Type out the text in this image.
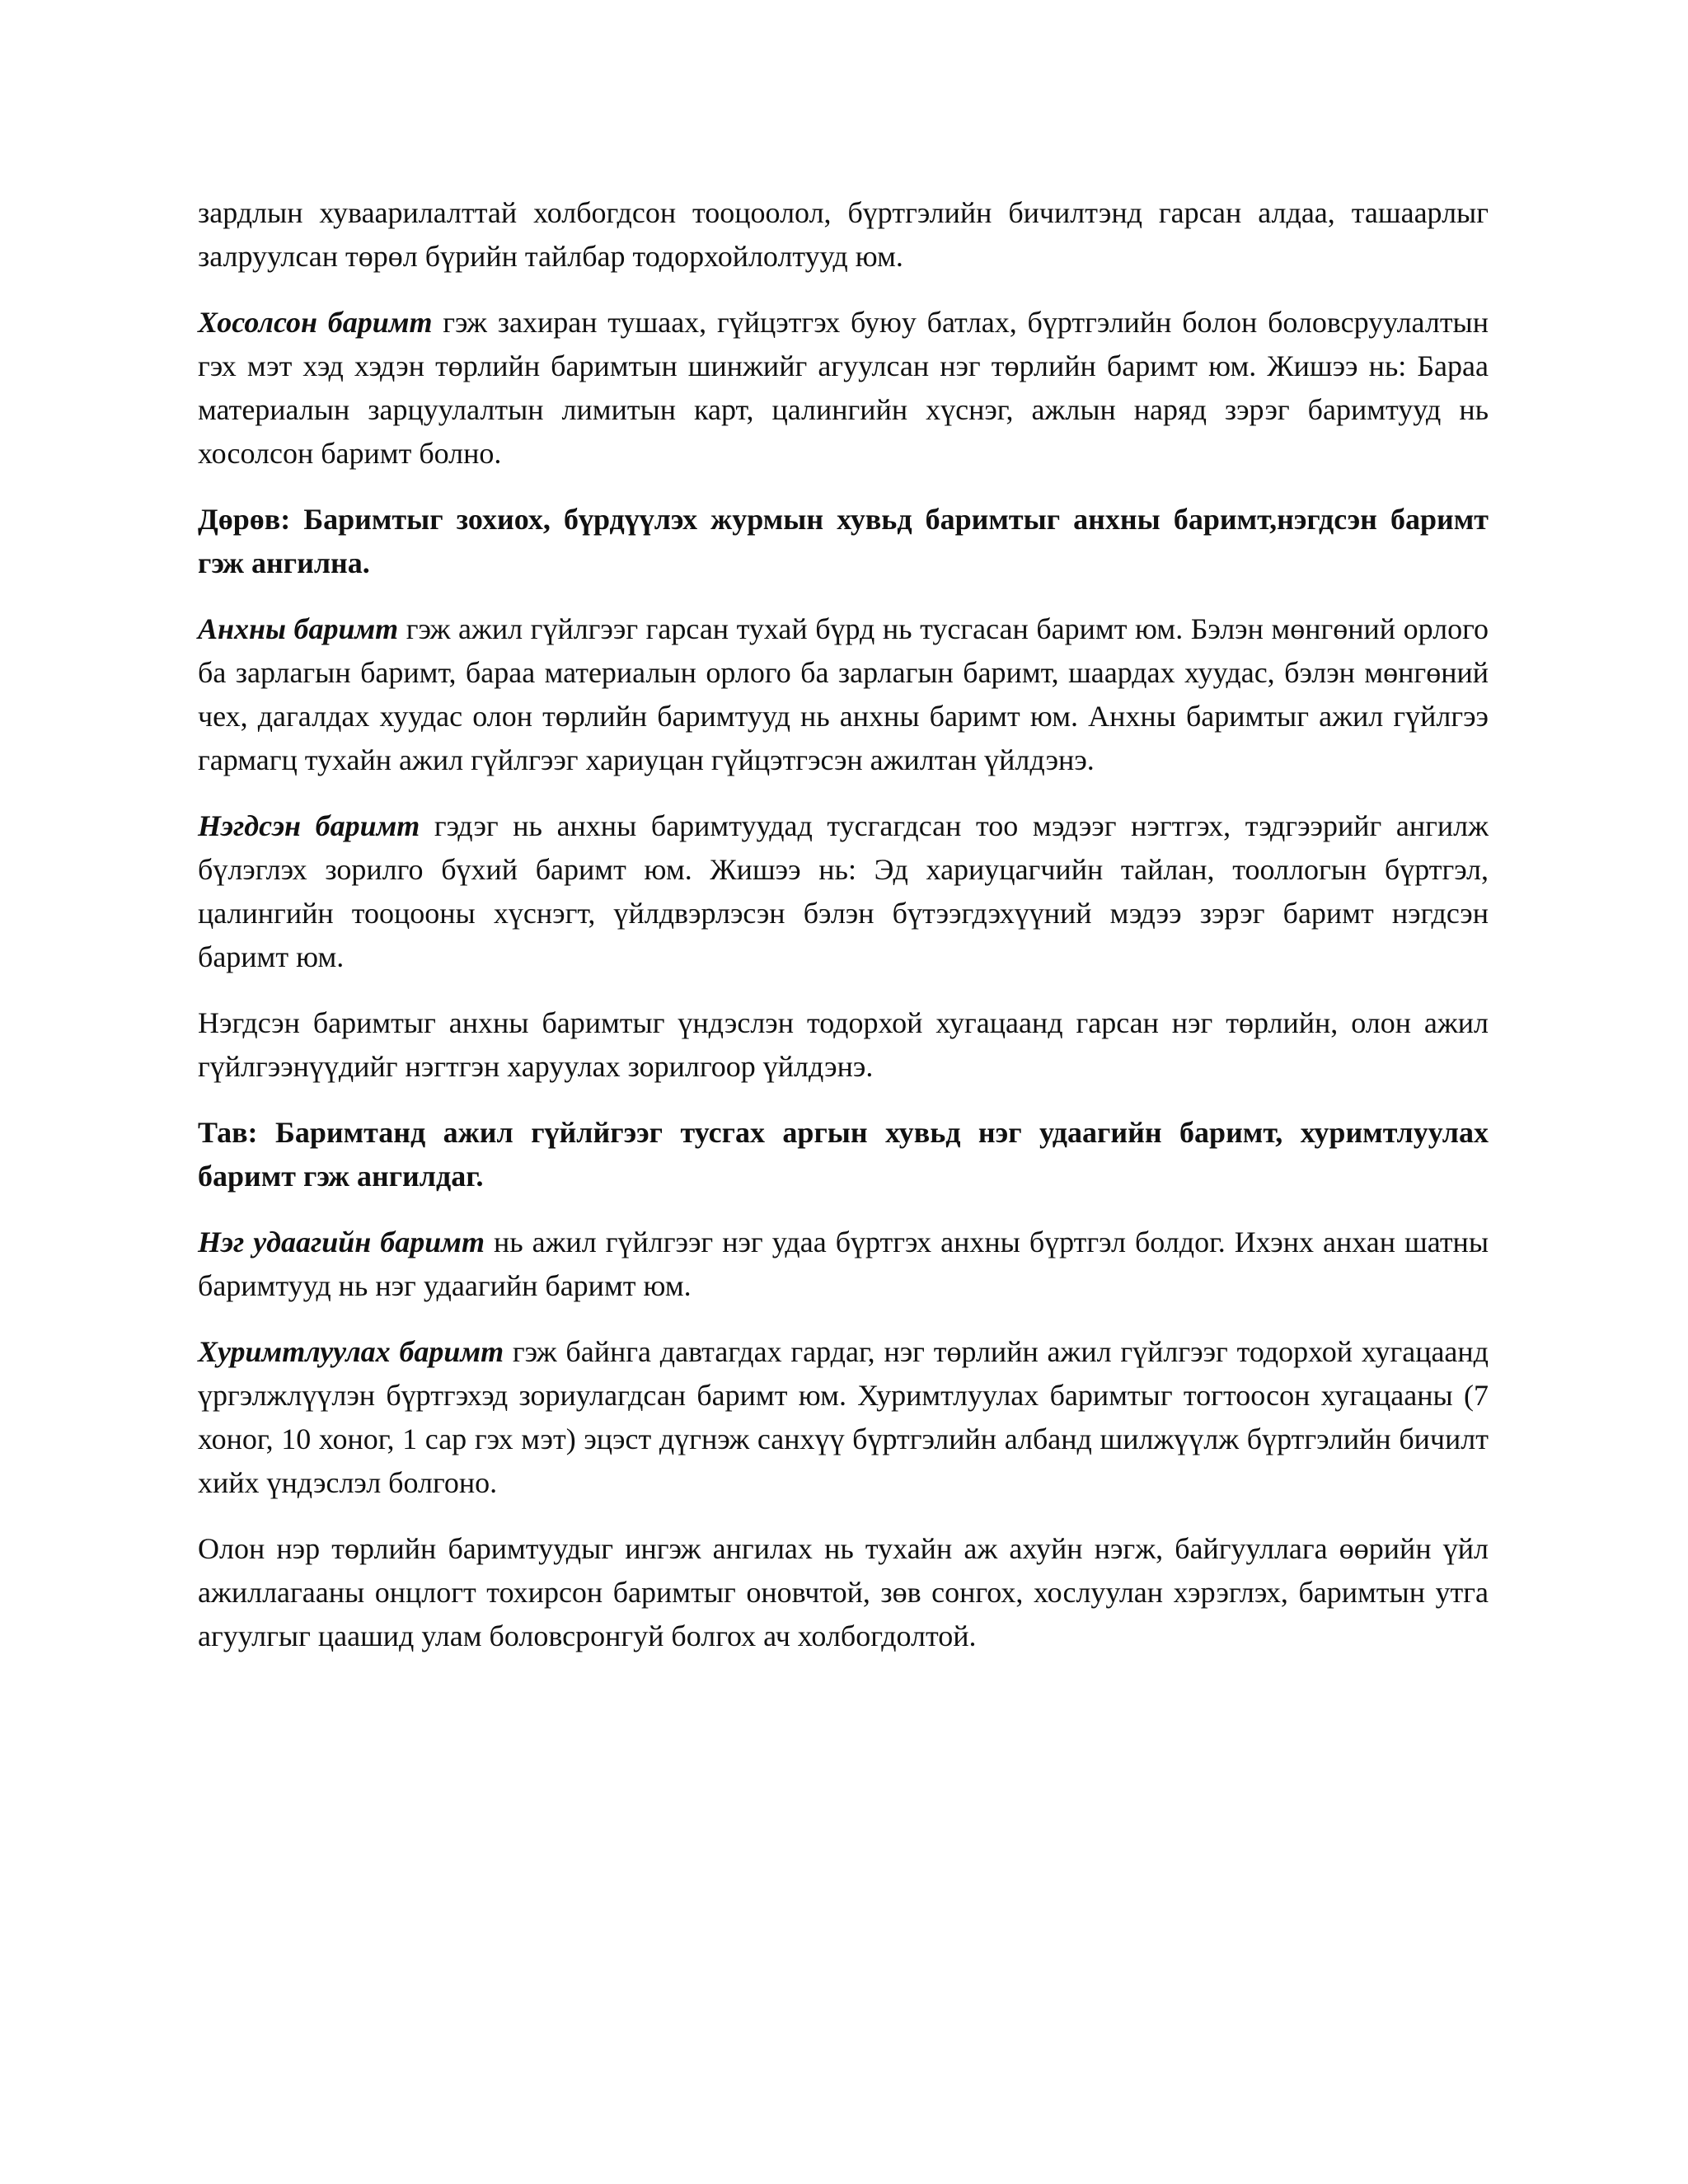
зардлын хуваарилалттай холбогдсон тооцоолол, бүртгэлийн бичилтэнд гарсан алдаа, ташаарлыг залруулсан төрөл бүрийн тайлбар тодорхойлолтууд юм.

Хосолсон баримт гэж захиран тушаах, гүйцэтгэх буюу батлах, бүртгэлийн болон боловсруулалтын гэх мэт хэд хэдэн төрлийн баримтын шинжийг агуулсан нэг төрлийн баримт юм. Жишээ нь: Бараа материалын зарцуулалтын лимитын карт, цалингийн хүснэг, ажлын наряд зэрэг баримтууд нь хосолсон баримт болно.

Дөрөв: Баримтыг зохиох, бүрдүүлэх журмын хувьд баримтыг анхны баримт,нэгдсэн баримт гэж ангилна.

Анхны баримт гэж ажил гүйлгээг гарсан тухай бүрд нь тусгасан баримт юм. Бэлэн мөнгөний орлого ба зарлагын баримт, бараа материалын орлого ба зарлагын баримт, шаардах хуудас, бэлэн мөнгөний чех, дагалдах хуудас олон төрлийн баримтууд нь анхны баримт юм. Анхны баримтыг ажил гүйлгээ гармагц тухайн ажил гүйлгээг хариуцан гүйцэтгэсэн ажилтан үйлдэнэ.

Нэгдсэн баримт гэдэг нь анхны баримтуудад тусгагдсан тоо мэдээг нэгтгэх, тэдгээрийг ангилж бүлэглэх зорилго бүхий баримт юм. Жишээ нь: Эд хариуцагчийн тайлан, тооллогын бүртгэл, цалингийн тооцооны хүснэгт, үйлдвэрлэсэн бэлэн бүтээгдэхүүний мэдээ зэрэг баримт нэгдсэн баримт юм.

Нэгдсэн баримтыг анхны баримтыг үндэслэн тодорхой хугацаанд гарсан нэг төрлийн, олон ажил гүйлгээнүүдийг нэгтгэн харуулах зорилгоор үйлдэнэ.

Тав: Баримтанд ажил гүйлйгээг тусгах аргын хувьд нэг удаагийн баримт, хуримтлуулах баримт гэж ангилдаг.

Нэг удаагийн баримт нь ажил гүйлгээг нэг удаа бүртгэх анхны бүртгэл болдог. Ихэнх анхан шатны баримтууд нь нэг удаагийн баримт юм.

Хуримтлуулах баримт гэж байнга давтагдах гардаг, нэг төрлийн ажил гүйлгээг тодорхой хугацаанд үргэлжлүүлэн бүртгэхэд зориулагдсан баримт юм. Хуримтлуулах баримтыг тогтоосон хугацааны (7 хоног, 10 хоног, 1 сар гэх мэт) эцэст дүгнэж санхүү бүртгэлийн албанд шилжүүлж бүртгэлийн бичилт хийх үндэслэл болгоно.

Олон нэр төрлийн баримтуудыг ингэж ангилах нь тухайн аж ахуйн нэгж, байгууллага өөрийн үйл ажиллагааны онцлогт тохирсон баримтыг оновчтой, зөв сонгох, хослуулан хэрэглэх, баримтын утга агуулгыг цаашид улам боловсронгуй болгох ач холбогдолтой.
